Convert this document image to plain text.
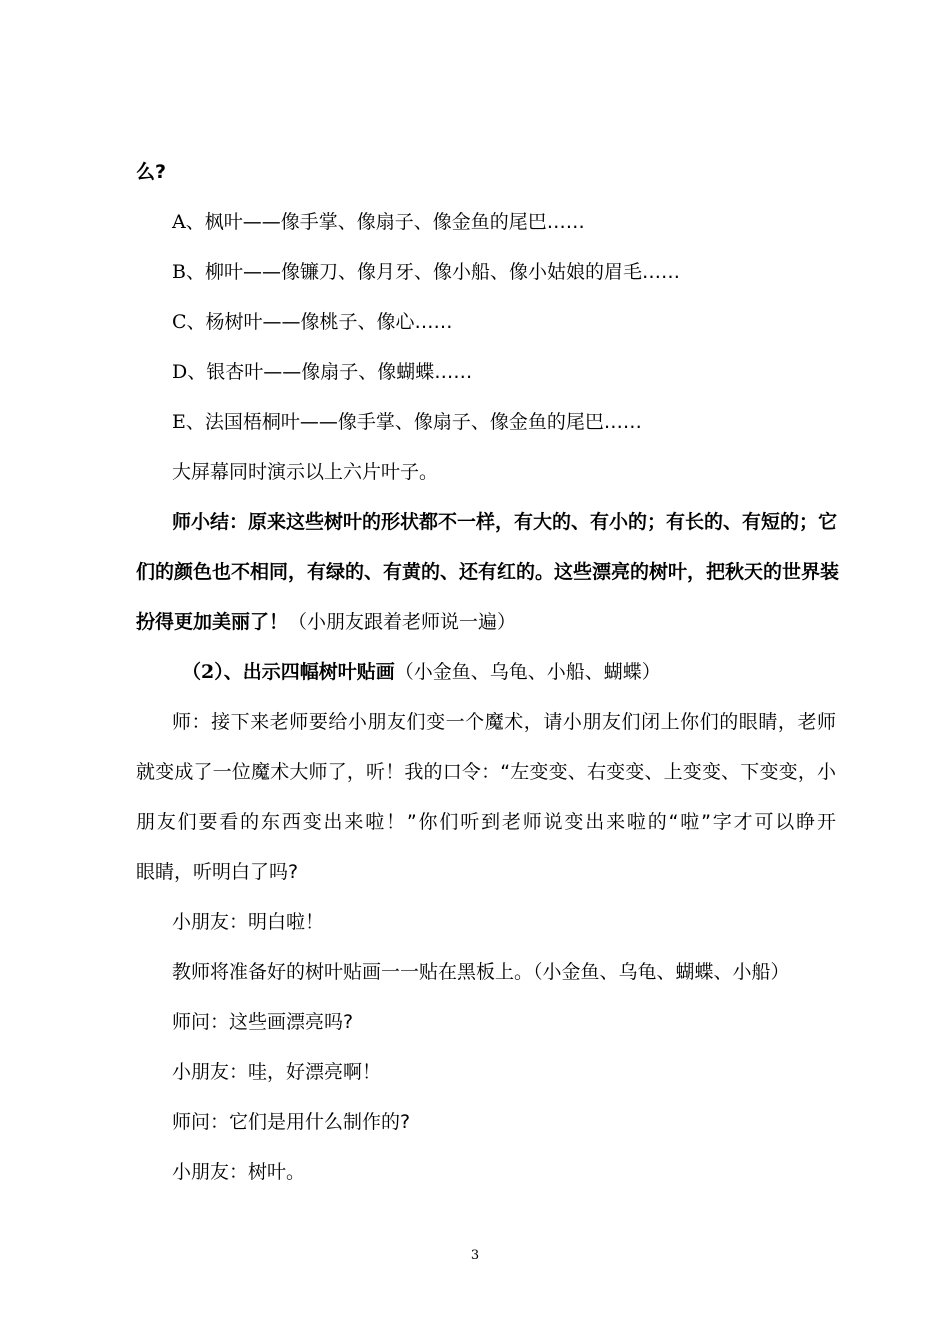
么?
A、枫叶——像手掌、像扇子、像金鱼的尾巴……
B、柳叶——像镰刀、像月牙、像小船、像小姑娘的眉毛……
C、杨树叶——像桃子、像心……
D、银杏叶——像扇子、像蝴蝶……
E、法国梧桐叶——像手掌、像扇子、像金鱼的尾巴……
大屏幕同时演示以上六片叶子。
师小结：原来这些树叶的形状都不一样，有大的、有小的；有长的、有短的；它
们的颜色也不相同，有绿的、有黄的、还有红的。这些漂亮的树叶，把秋天的世界装
扮得更加美丽了！（小朋友跟着老师说一遍）
（2）、出示四幅树叶贴画（小金鱼、乌龟、小船、蝴蝶）
师：接下来老师要给小朋友们变一个魔术，请小朋友们闭上你们的眼睛，老师
就变成了一位魔术大师了，听！我的口令：“左变变、右变变、上变变、下变变，小
朋友们要看的东西变出来啦！”你们听到老师说变出来啦的“啦”字才可以睁开
眼睛，听明白了吗?
小朋友：明白啦！
教师将准备好的树叶贴画一一贴在黑板上。（小金鱼、乌龟、蝴蝶、小船）
师问：这些画漂亮吗?
小朋友：哇，好漂亮啊！
师问：它们是用什么制作的?
小朋友：树叶。
3
